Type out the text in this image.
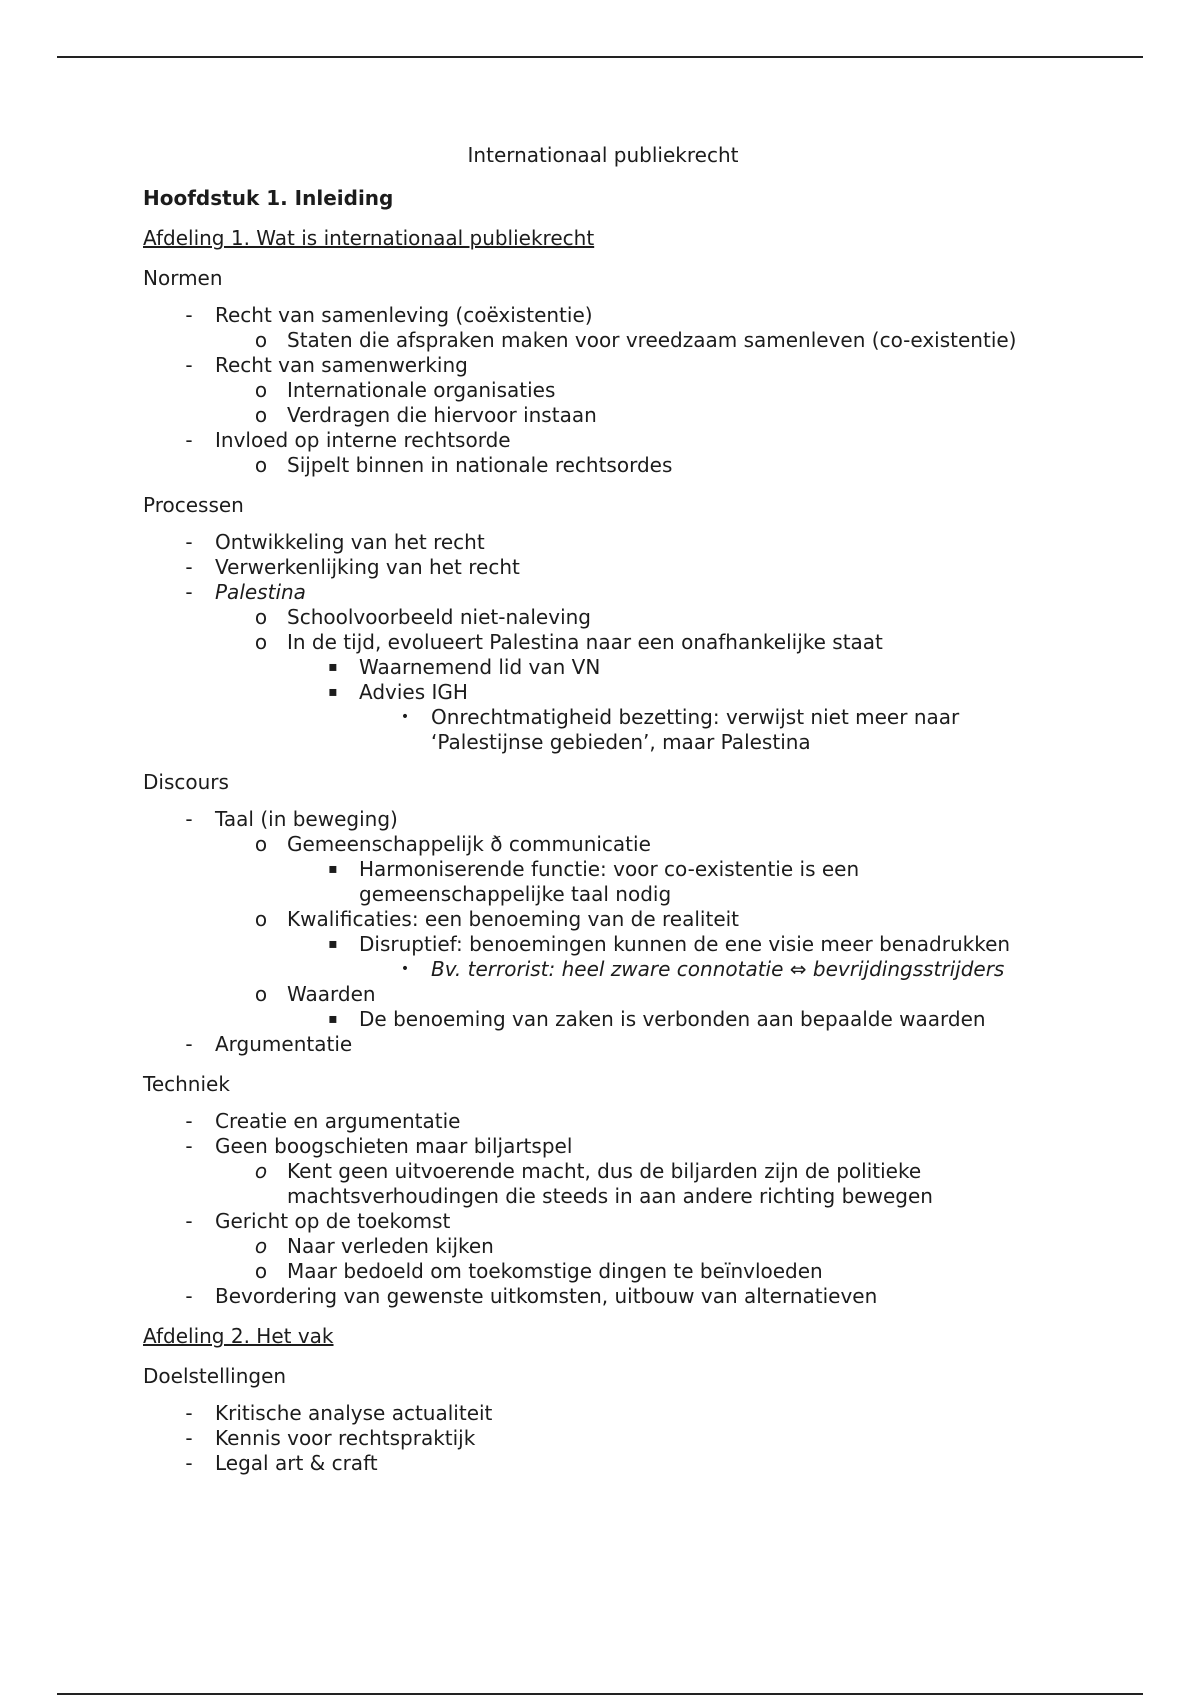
Internationaal publiekrecht
Hoofdstuk 1. Inleiding
Afdeling 1. Wat is internationaal publiekrecht
Normen
-	Recht van samenleving (coëxistentie)
o Staten die afspraken maken voor vreedzaam samenleven (co-existentie)
-	Recht van samenwerking
o Internationale organisaties
o Verdragen die hiervoor instaan
-	Invloed op interne rechtsorde
o Sijpelt binnen in nationale rechtsordes
Processen
-	Ontwikkeling van het recht
-	Verwerkenlijking van het recht
-	Palestina
o Schoolvoorbeeld niet-naleving
o In de tijd, evolueert Palestina naar een onafhankelijke staat
▪ Waarnemend lid van VN
▪ Advies IGH
• Onrechtmatigheid bezetting: verwijst niet meer naar ‘Palestijnse gebieden’, maar Palestina
Discours
-	Taal (in beweging)
o Gemeenschappelijk ð communicatie
▪ Harmoniserende functie: voor co-existentie is een gemeenschappelijke taal nodig
o Kwalificaties: een benoeming van de realiteit
▪ Disruptief: benoemingen kunnen de ene visie meer benadrukken
• Bv. terrorist: heel zware connotatie ⇔ bevrijdingsstrijders
o Waarden
▪ De benoeming van zaken is verbonden aan bepaalde waarden
-	Argumentatie
Techniek
-	Creatie en argumentatie
-	Geen boogschieten maar biljartspel
o Kent geen uitvoerende macht, dus de biljarden zijn de politieke machtsverhoudingen die steeds in aan andere richting bewegen
-	Gericht op de toekomst
o Naar verleden kijken
o Maar bedoeld om toekomstige dingen te beïnvloeden
-	Bevordering van gewenste uitkomsten, uitbouw van alternatieven
Afdeling 2. Het vak
Doelstellingen
-	Kritische analyse actualiteit
-	Kennis voor rechtspraktijk
-	Legal art & craft
